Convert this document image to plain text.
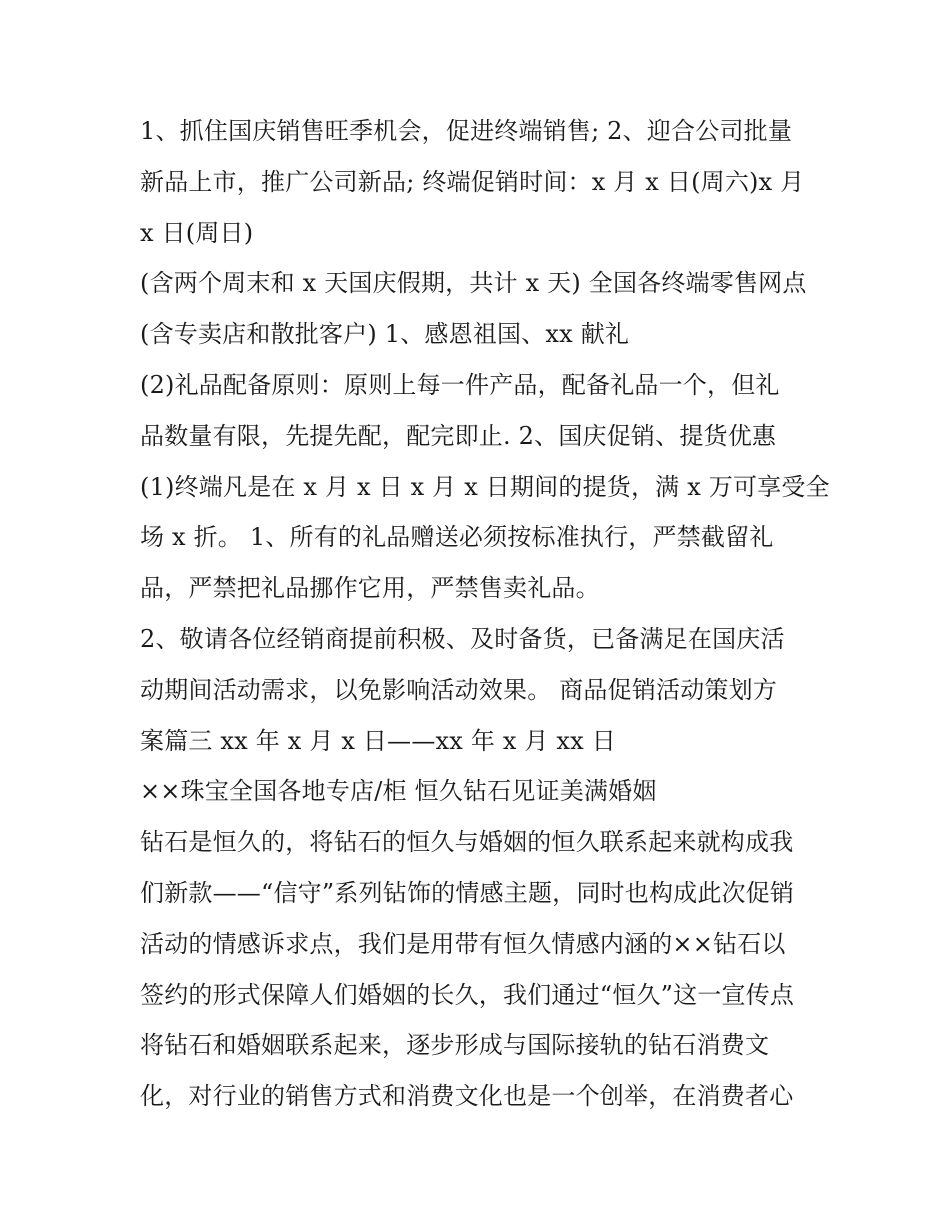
1、抓住国庆销售旺季机会，促进终端销售; 2、迎合公司批量
新品上市，推广公司新品; 终端促销时间：x 月 x 日(周六)x 月
x 日(周日)
(含两个周末和 x 天国庆假期，共计 x 天) 全国各终端零售网点
(含专卖店和散批客户) 1、感恩祖国、xx 献礼
(2)礼品配备原则：原则上每一件产品，配备礼品一个，但礼
品数量有限，先提先配，配完即止. 2、国庆促销、提货优惠
(1)终端凡是在 x 月 x 日 x 月 x 日期间的提货，满 x 万可享受全
场 x 折。 1、所有的礼品赠送必须按标准执行，严禁截留礼
品，严禁把礼品挪作它用，严禁售卖礼品。
2、敬请各位经销商提前积极、及时备货，已备满足在国庆活
动期间活动需求，以免影响活动效果。 商品促销活动策划方
案篇三 xx 年 x 月 x 日——xx 年 x 月 xx 日
××珠宝全国各地专店/柜 恒久钻石见证美满婚姻
钻石是恒久的，将钻石的恒久与婚姻的恒久联系起来就构成我
们新款——“信守”系列钻饰的情感主题，同时也构成此次促销
活动的情感诉求点，我们是用带有恒久情感内涵的××钻石以
签约的形式保障人们婚姻的长久，我们通过“恒久”这一宣传点
将钻石和婚姻联系起来，逐步形成与国际接轨的钻石消费文
化，对行业的销售方式和消费文化也是一个创举，在消费者心
